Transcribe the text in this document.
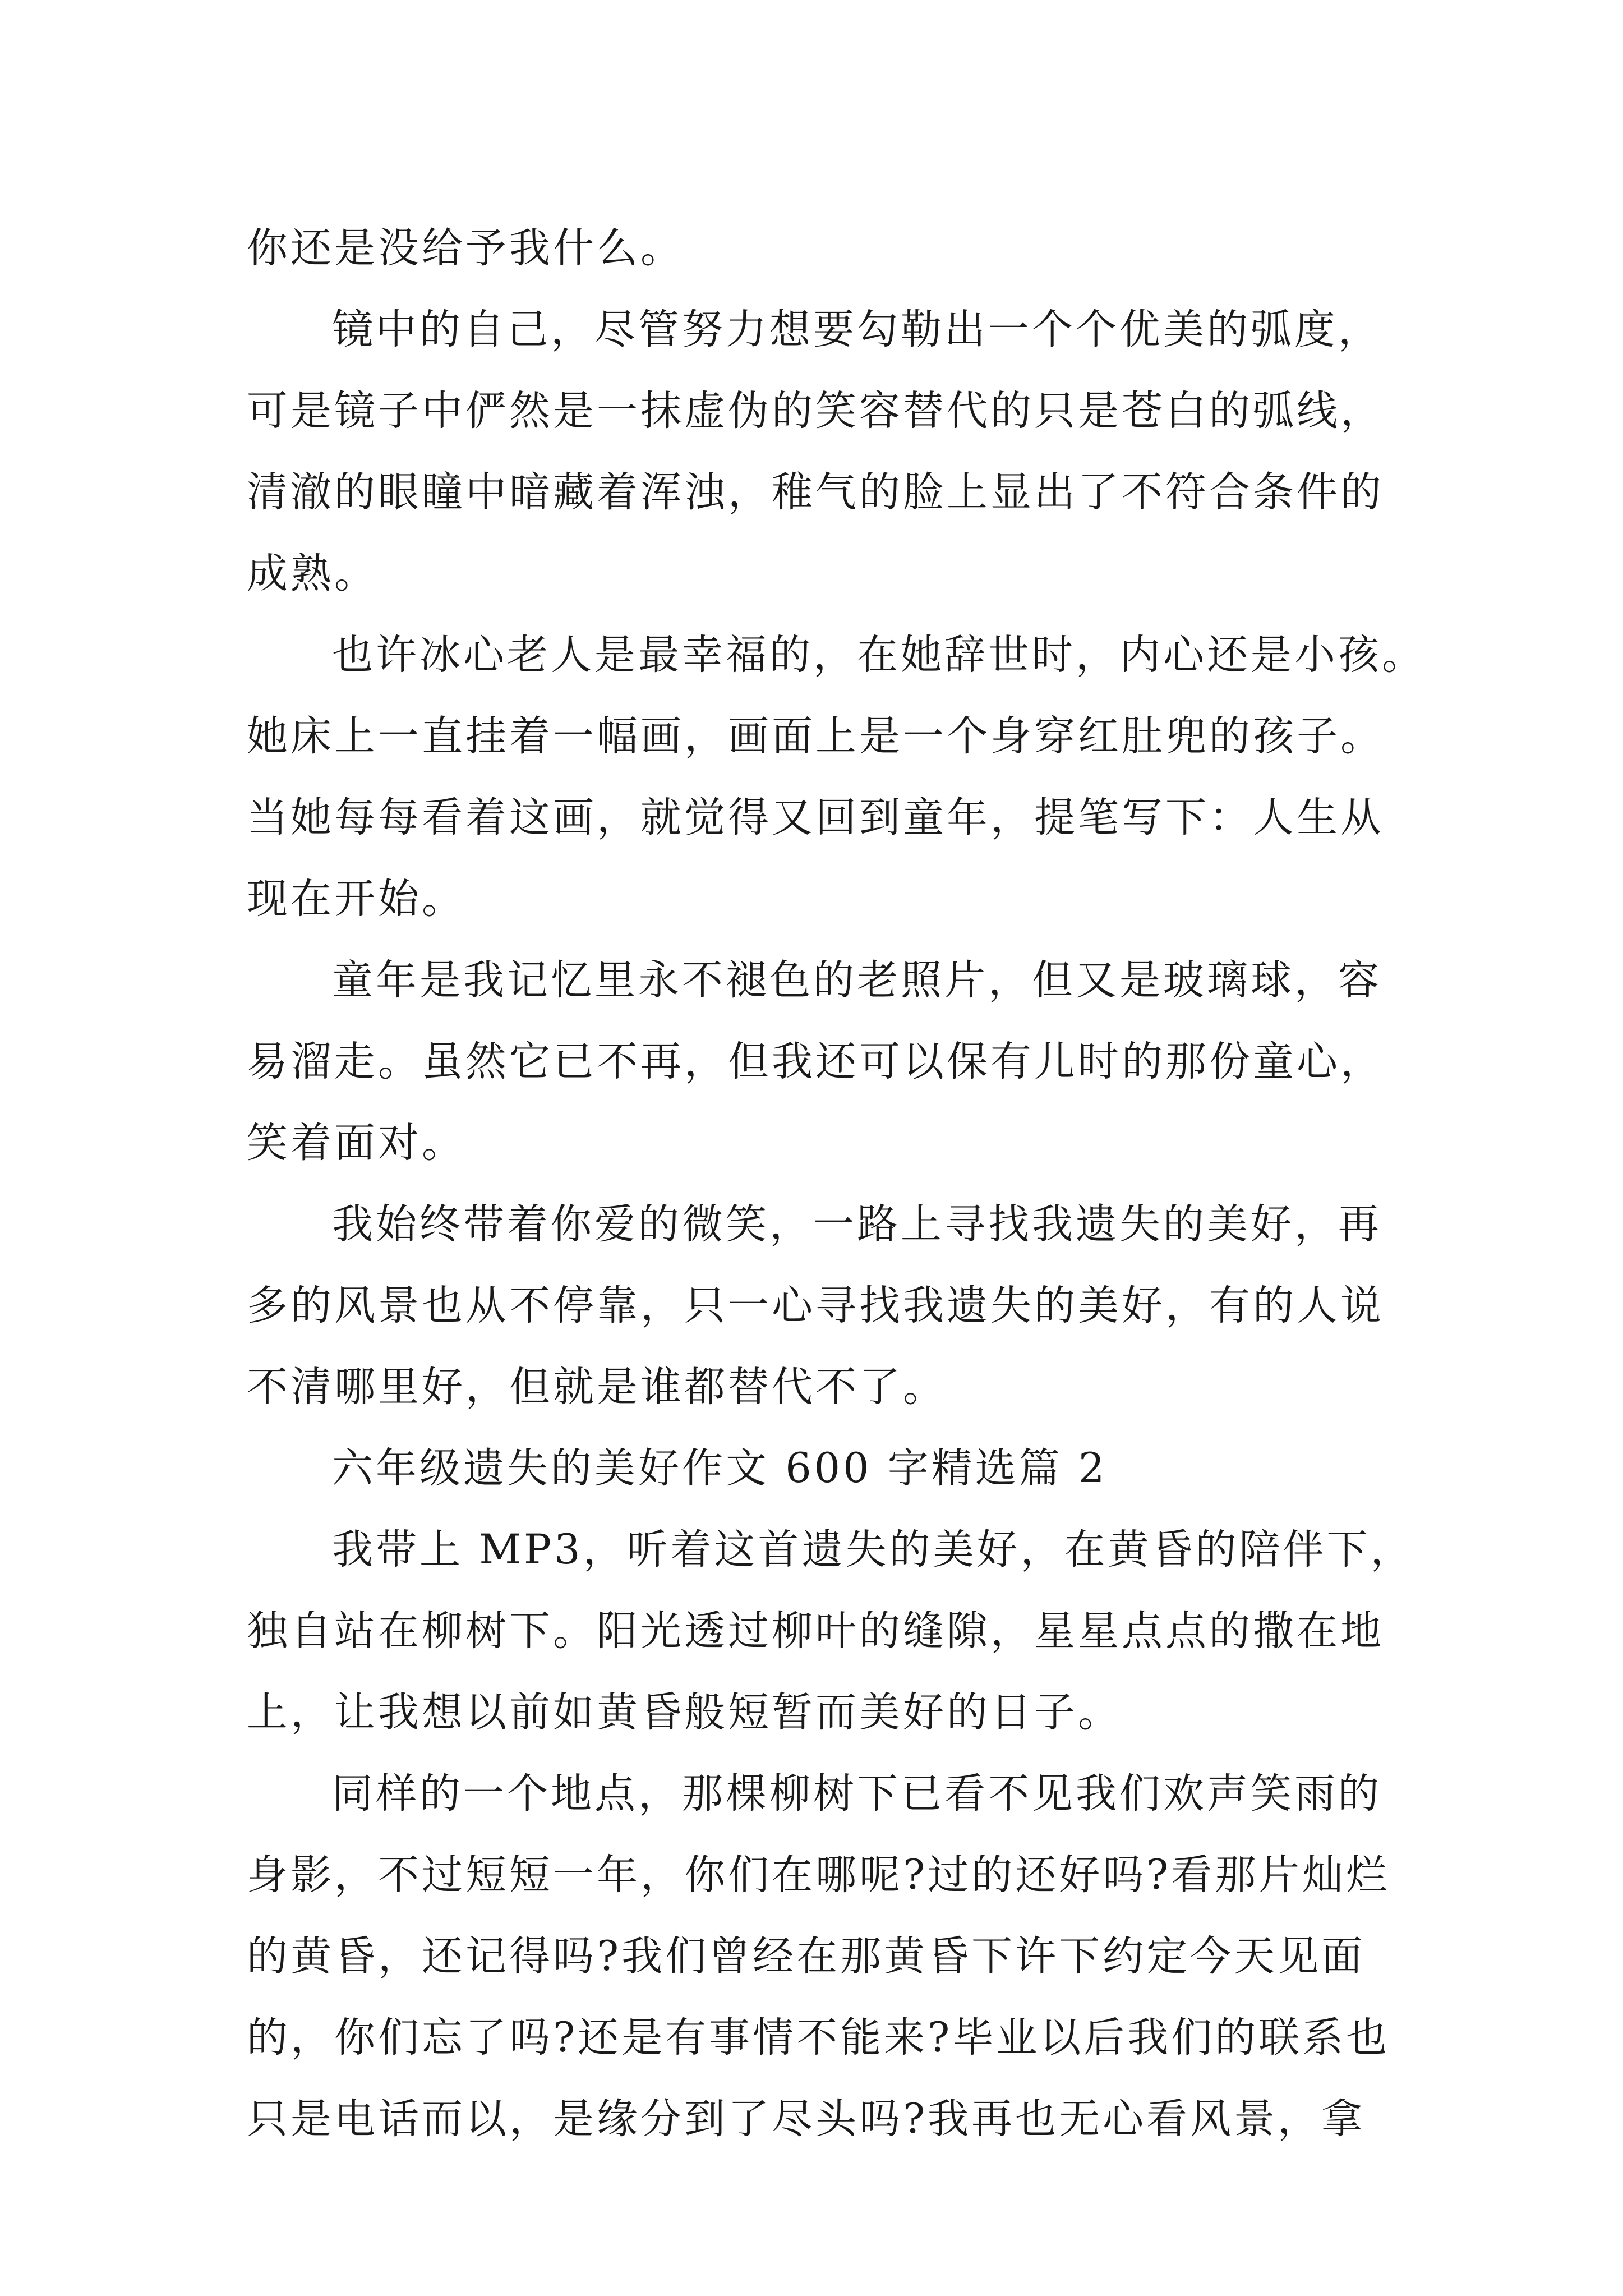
你还是没给予我什么。
镜中的自己，尽管努力想要勾勒出一个个优美的弧度，
可是镜子中俨然是一抹虚伪的笑容替代的只是苍白的弧线，
清澈的眼瞳中暗藏着浑浊，稚气的脸上显出了不符合条件的
成熟。
也许冰心老人是最幸福的，在她辞世时，内心还是小孩。
她床上一直挂着一幅画，画面上是一个身穿红肚兜的孩子。
当她每每看着这画，就觉得又回到童年，提笔写下：人生从
现在开始。
童年是我记忆里永不褪色的老照片，但又是玻璃球，容
易溜走。虽然它已不再，但我还可以保有儿时的那份童心，
笑着面对。
我始终带着你爱的微笑，一路上寻找我遗失的美好，再
多的风景也从不停靠，只一心寻找我遗失的美好，有的人说
不清哪里好，但就是谁都替代不了。
六年级遗失的美好作文 600 字精选篇 2
我带上 MP3，听着这首遗失的美好，在黄昏的陪伴下，
独自站在柳树下。阳光透过柳叶的缝隙，星星点点的撒在地
上，让我想以前如黄昏般短暂而美好的日子。
同样的一个地点，那棵柳树下已看不见我们欢声笑雨的
身影，不过短短一年，你们在哪呢?过的还好吗?看那片灿烂
的黄昏，还记得吗?我们曾经在那黄昏下许下约定今天见面
的，你们忘了吗?还是有事情不能来?毕业以后我们的联系也
只是电话而以，是缘分到了尽头吗?我再也无心看风景，拿
